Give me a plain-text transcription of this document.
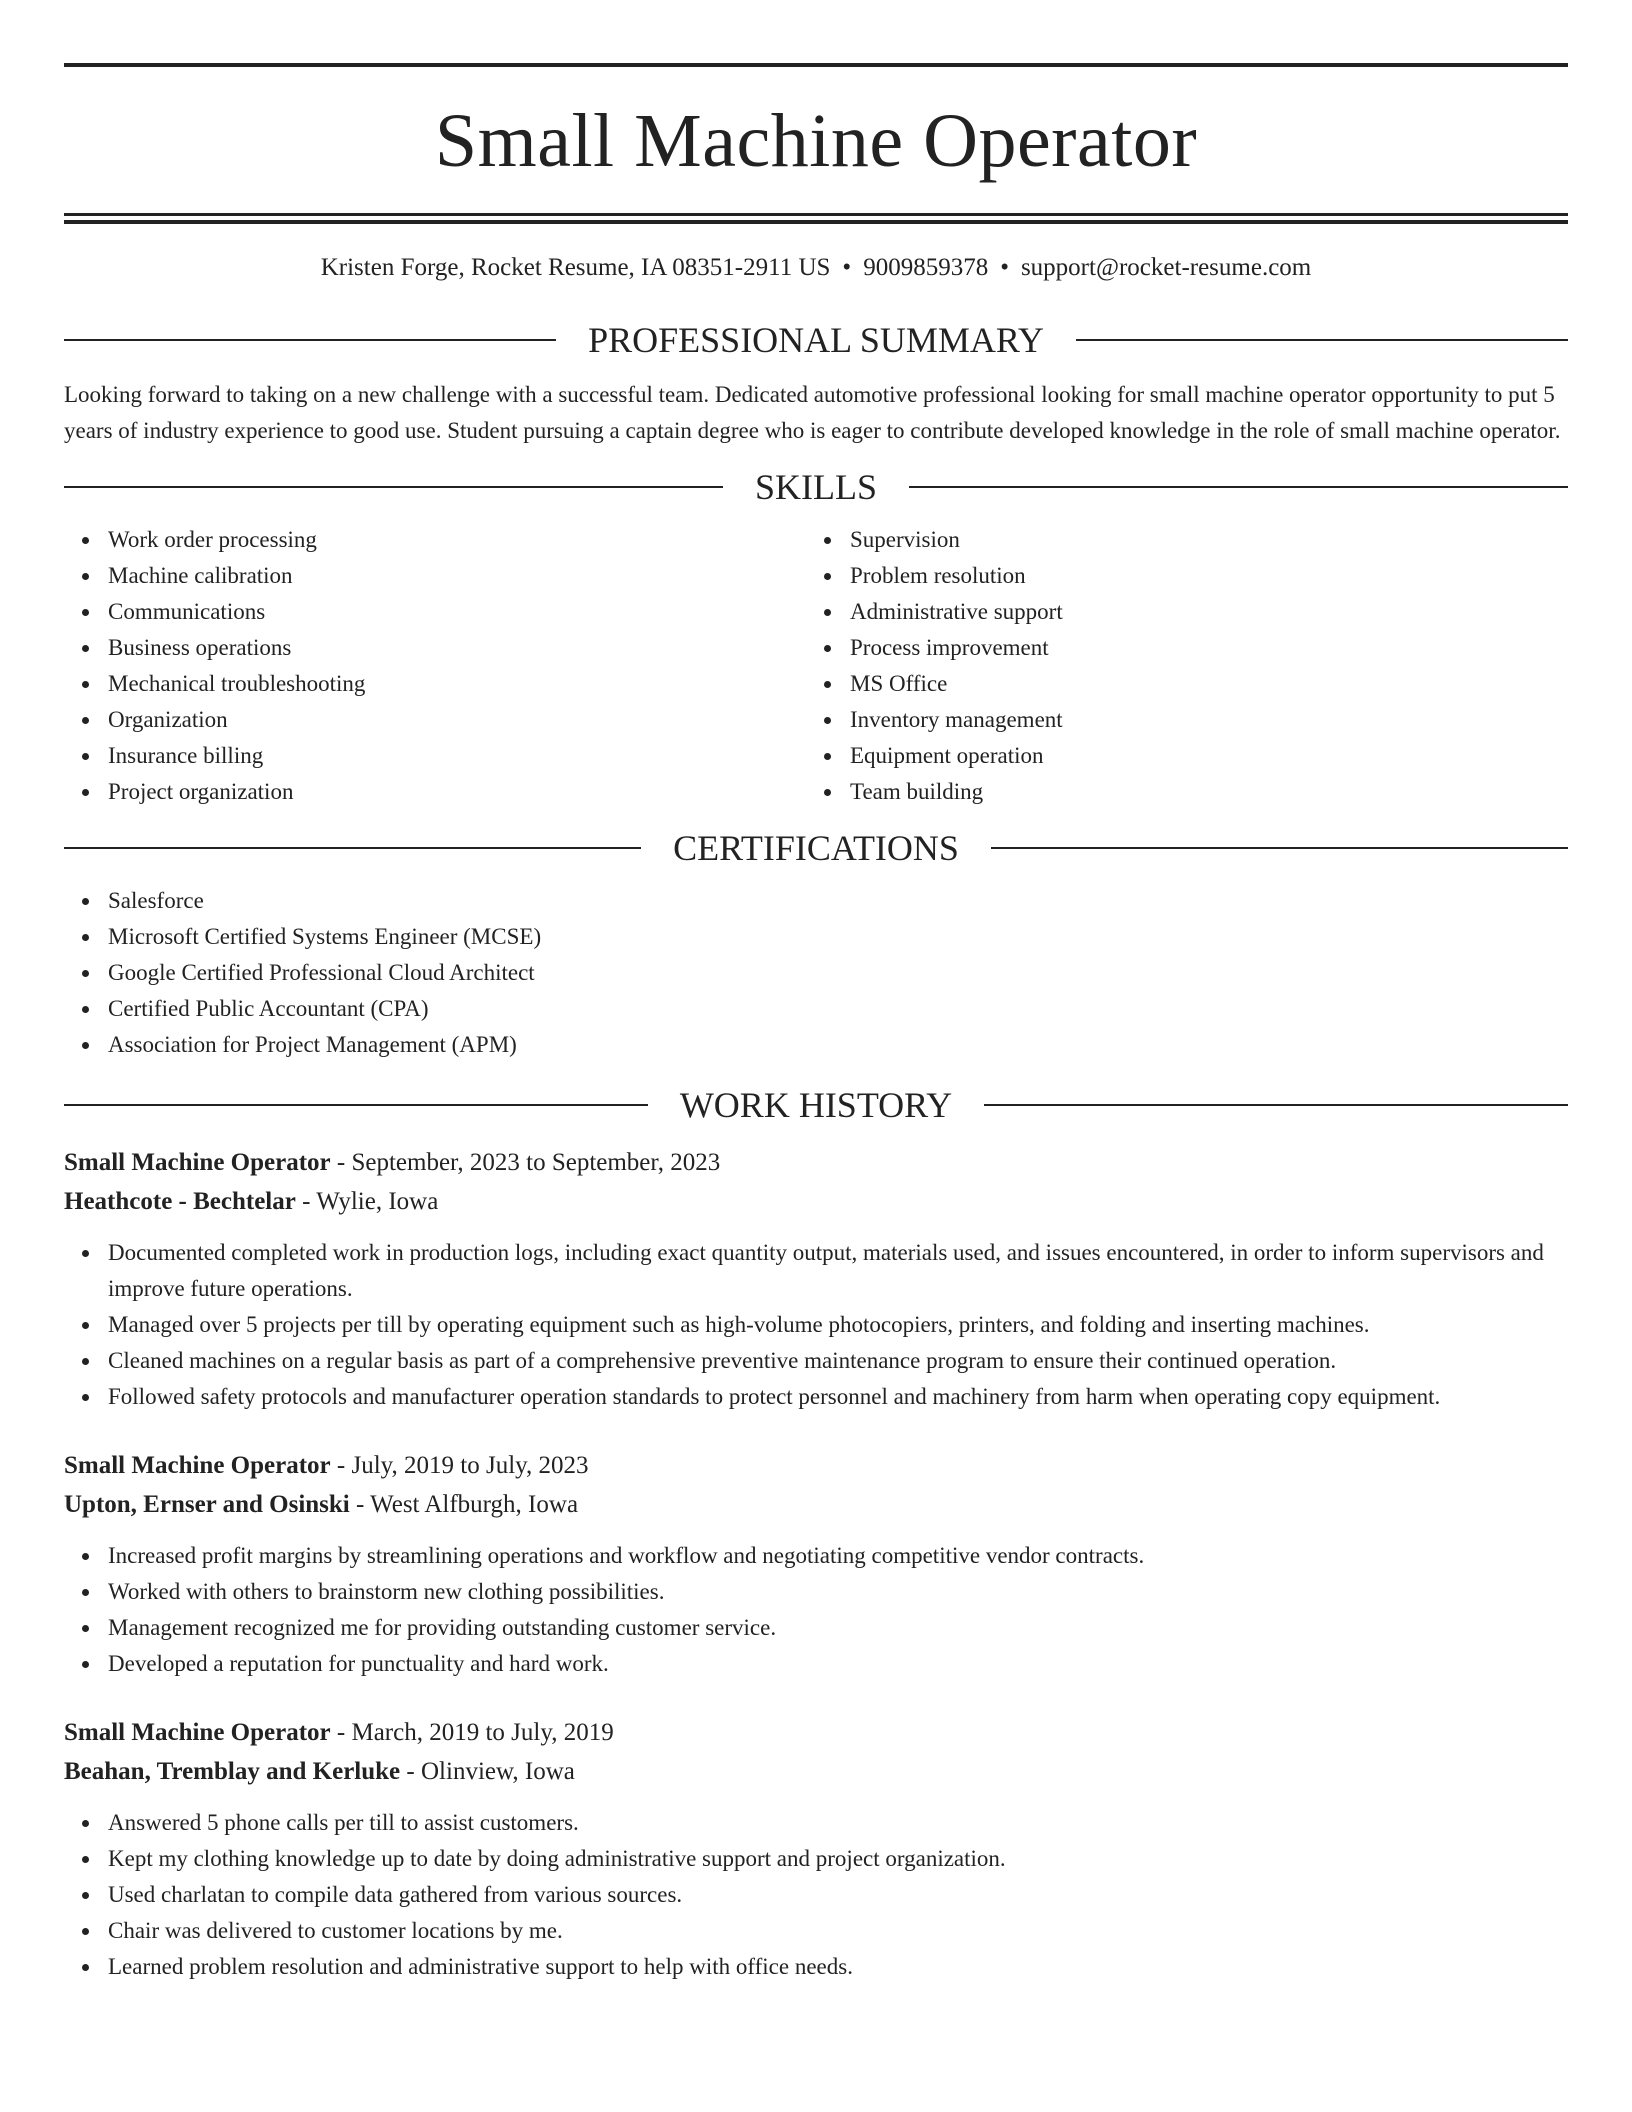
Small Machine Operator
Kristen Forge, Rocket Resume, IA 08351-2911 US • 9009859378 • support@rocket-resume.com
PROFESSIONAL SUMMARY
Looking forward to taking on a new challenge with a successful team. Dedicated automotive professional looking for small machine operator opportunity to put 5 years of industry experience to good use. Student pursuing a captain degree who is eager to contribute developed knowledge in the role of small machine operator.
SKILLS
Work order processing
Machine calibration
Communications
Business operations
Mechanical troubleshooting
Organization
Insurance billing
Project organization
Supervision
Problem resolution
Administrative support
Process improvement
MS Office
Inventory management
Equipment operation
Team building
CERTIFICATIONS
Salesforce
Microsoft Certified Systems Engineer (MCSE)
Google Certified Professional Cloud Architect
Certified Public Accountant (CPA)
Association for Project Management (APM)
WORK HISTORY
Small Machine Operator - September, 2023 to September, 2023
Heathcote - Bechtelar - Wylie, Iowa
Documented completed work in production logs, including exact quantity output, materials used, and issues encountered, in order to inform supervisors and improve future operations.
Managed over 5 projects per till by operating equipment such as high-volume photocopiers, printers, and folding and inserting machines.
Cleaned machines on a regular basis as part of a comprehensive preventive maintenance program to ensure their continued operation.
Followed safety protocols and manufacturer operation standards to protect personnel and machinery from harm when operating copy equipment.
Small Machine Operator - July, 2019 to July, 2023
Upton, Ernser and Osinski - West Alfburgh, Iowa
Increased profit margins by streamlining operations and workflow and negotiating competitive vendor contracts.
Worked with others to brainstorm new clothing possibilities.
Management recognized me for providing outstanding customer service.
Developed a reputation for punctuality and hard work.
Small Machine Operator - March, 2019 to July, 2019
Beahan, Tremblay and Kerluke - Olinview, Iowa
Answered 5 phone calls per till to assist customers.
Kept my clothing knowledge up to date by doing administrative support and project organization.
Used charlatan to compile data gathered from various sources.
Chair was delivered to customer locations by me.
Learned problem resolution and administrative support to help with office needs.
